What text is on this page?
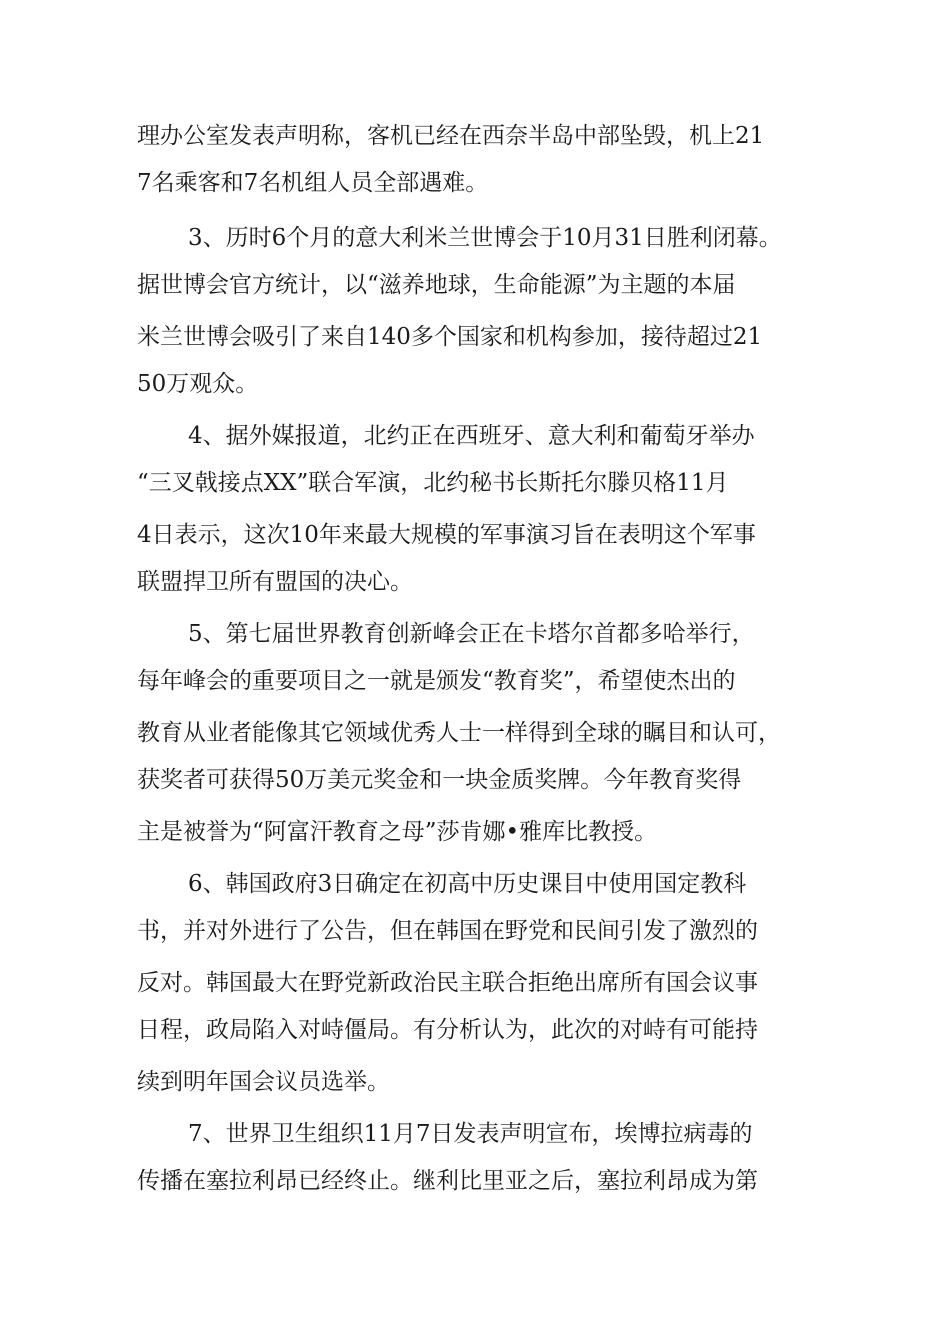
理办公室发表声明称，客机已经在西奈半岛中部坠毁，机上21
7名乘客和7名机组人员全部遇难。
3、历时6个月的意大利米兰世博会于10月31日胜利闭幕。
据世博会官方统计，以“滋养地球，生命能源”为主题的本届
米兰世博会吸引了来自140多个国家和机构参加，接待超过21
50万观众。
4、据外媒报道，北约正在西班牙、意大利和葡萄牙举办
“三叉戟接点XX”联合军演，北约秘书长斯托尔滕贝格11月
4日表示，这次10年来最大规模的军事演习旨在表明这个军事
联盟捍卫所有盟国的决心。
5、第七届世界教育创新峰会正在卡塔尔首都多哈举行，
每年峰会的重要项目之一就是颁发“教育奖”，希望使杰出的
教育从业者能像其它领域优秀人士一样得到全球的瞩目和认可，
获奖者可获得50万美元奖金和一块金质奖牌。今年教育奖得
主是被誉为“阿富汗教育之母”莎肯娜•雅库比教授。
6、韩国政府3日确定在初高中历史课目中使用国定教科
书，并对外进行了公告，但在韩国在野党和民间引发了激烈的
反对。韩国最大在野党新政治民主联合拒绝出席所有国会议事
日程，政局陷入对峙僵局。有分析认为，此次的对峙有可能持
续到明年国会议员选举。
7、世界卫生组织11月7日发表声明宣布，埃博拉病毒的
传播在塞拉利昂已经终止。继利比里亚之后，塞拉利昂成为第
